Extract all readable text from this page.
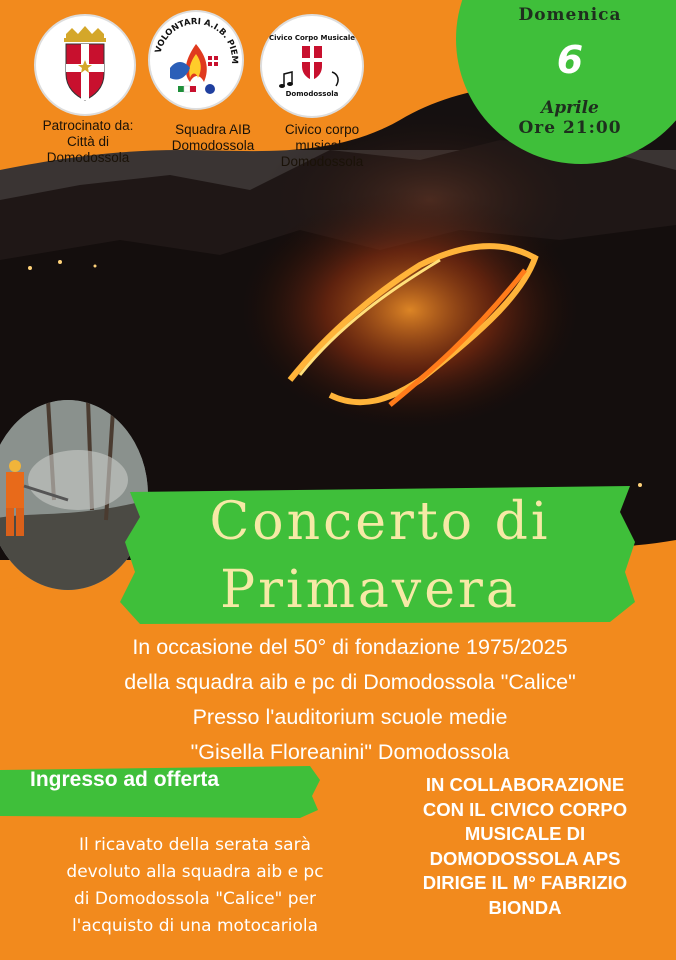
Domenica
6
Aprile
Ore 21:00
VOLONTARI A.I.B. PIEM
Civico Corpo Musicale
Domodossola
Patrocinato da:
Città di
Domodossola
Squadra AIB
Domodossola
Civico corpo musicale
Domodossola
Concerto di
Primavera
In occasione del 50° di fondazione 1975/2025
della squadra aib e pc di Domodossola "Calice"
Presso l'auditorium scuole medie
"Gisella Floreanini" Domodossola
Ingresso ad offerta
Il ricavato della serata sarà
devoluto alla squadra aib e pc
di Domodossola "Calice" per
l'acquisto di una motocariola
IN COLLABORAZIONE
CON IL CIVICO CORPO
MUSICALE DI
DOMODOSSOLA APS
DIRIGE IL M° FABRIZIO
BIONDA
